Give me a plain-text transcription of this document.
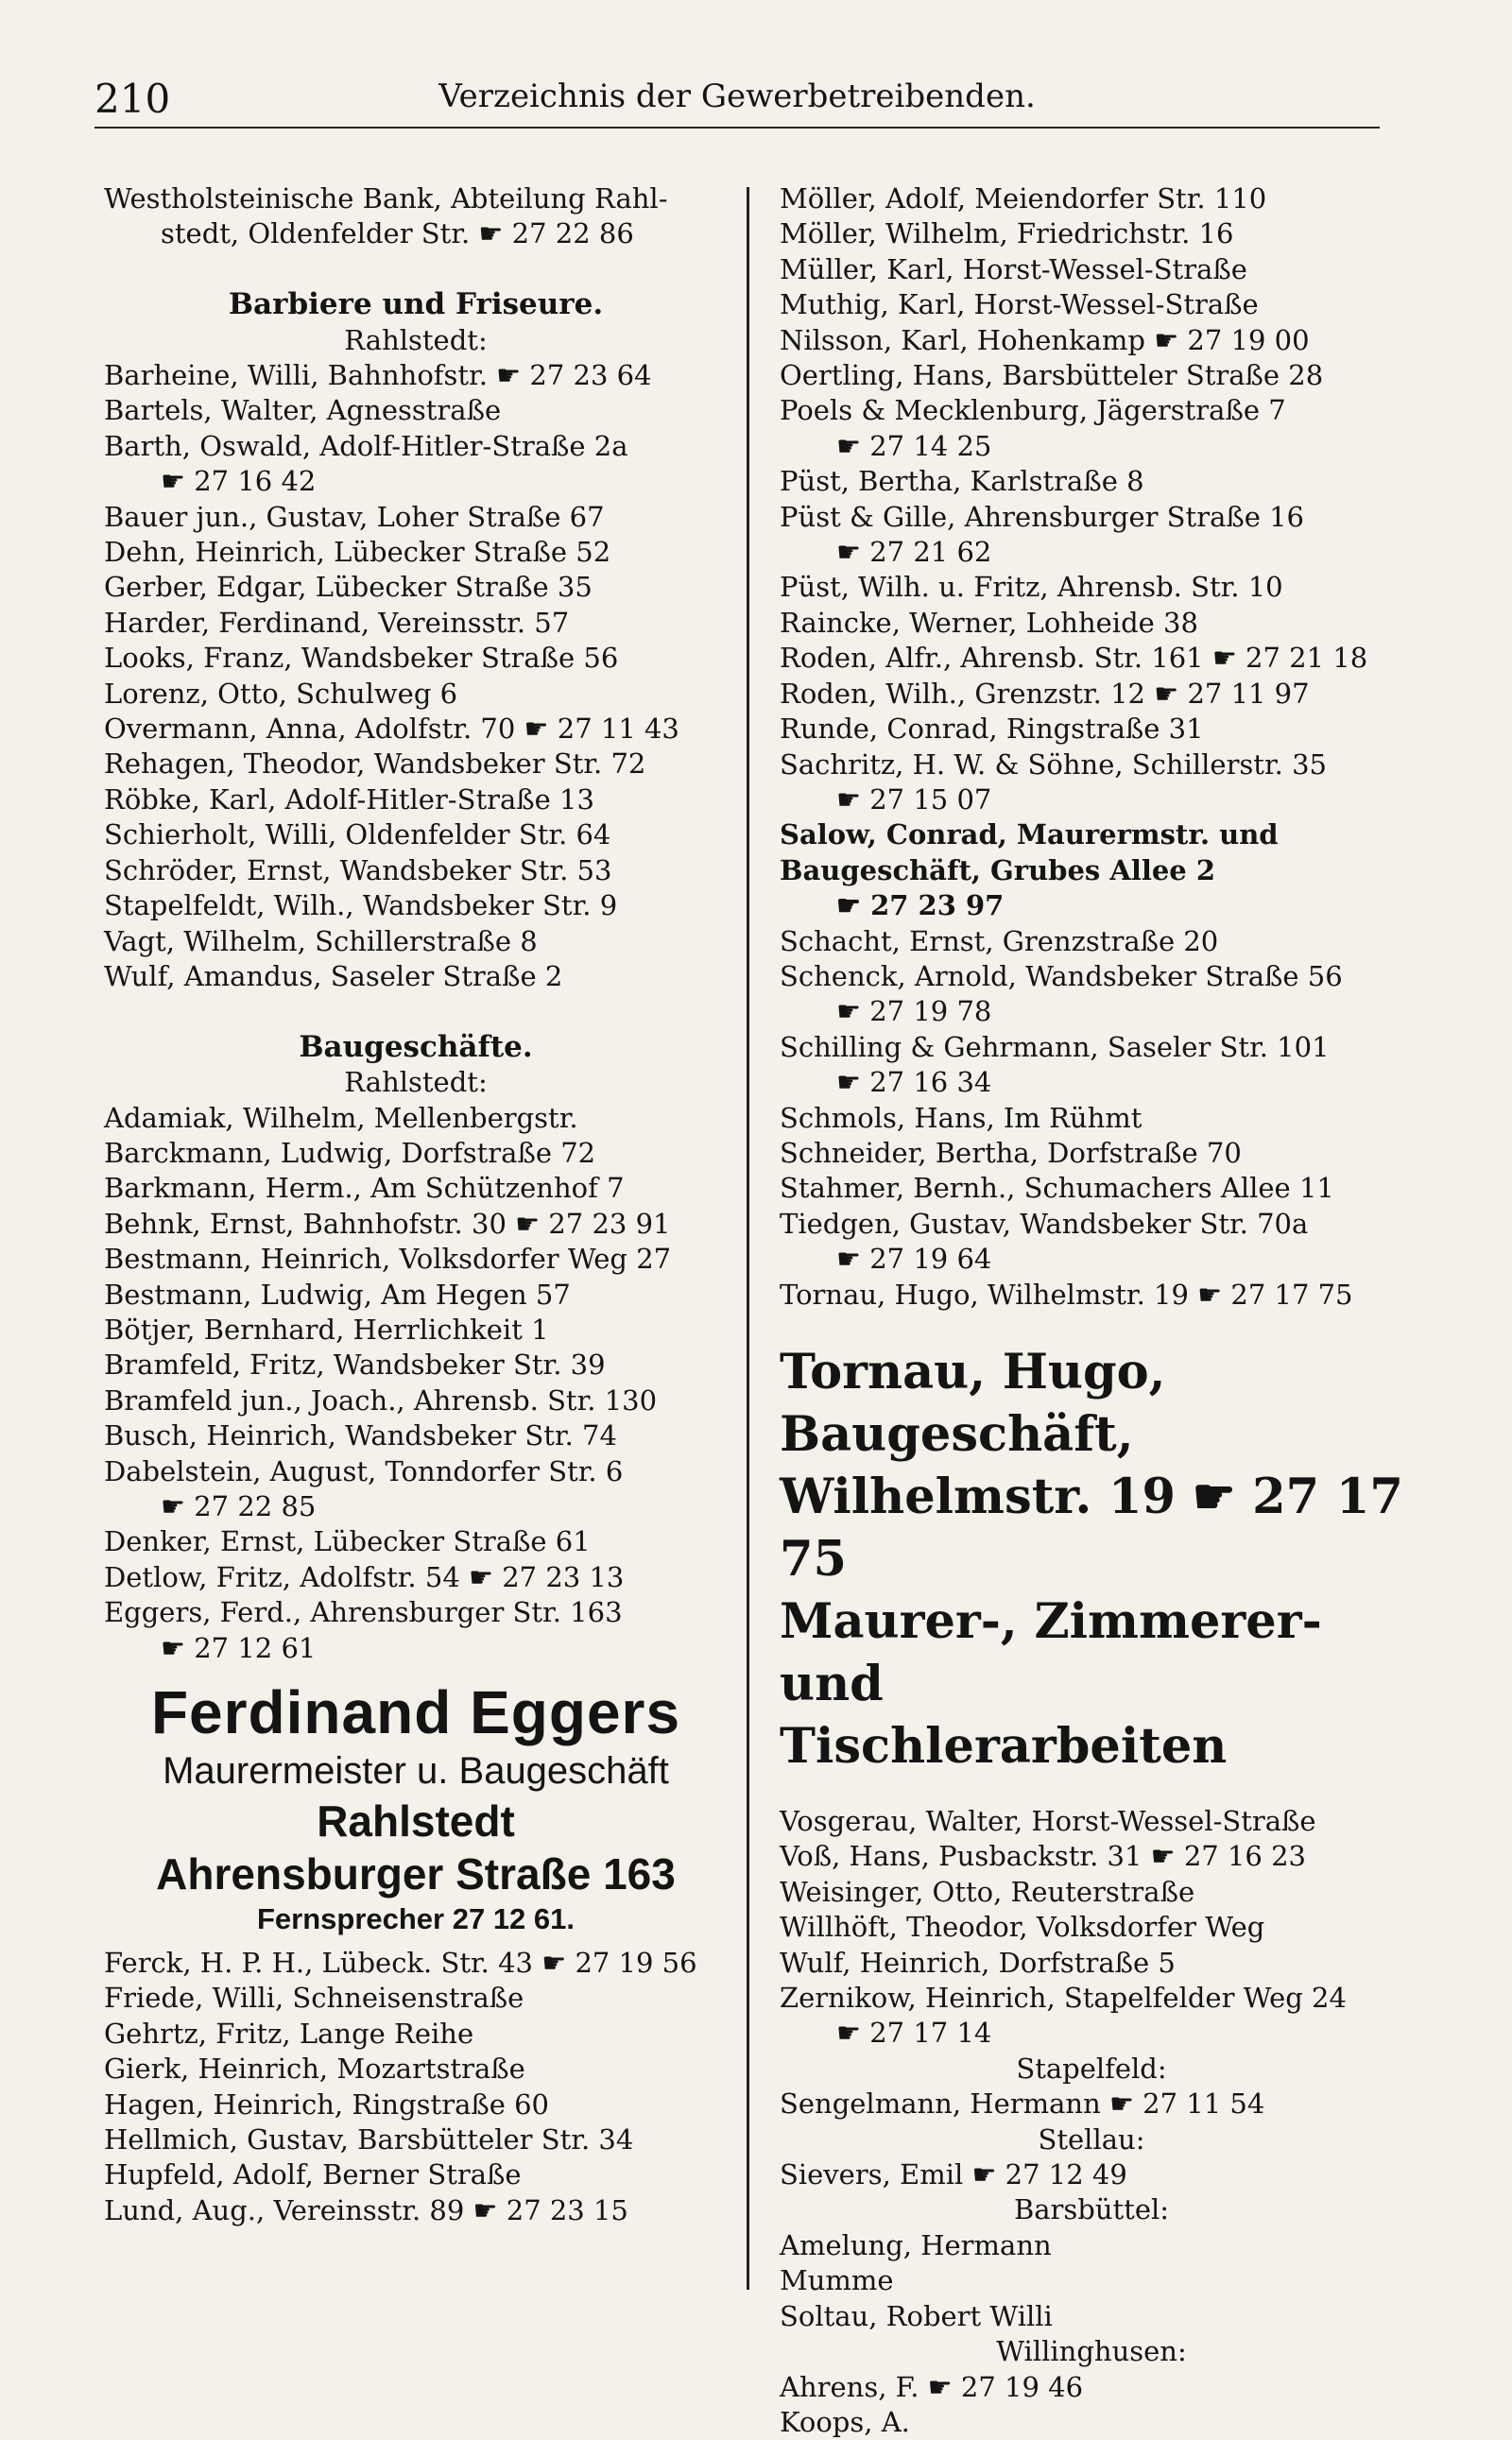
210	Verzeichnis der Gewerbetreibenden.
Westholsteinische Bank, Abteilung Rahl-
stedt, Oldenfelder Str. ☛ 27 22 86
Barbiere und Friseure.
Rahlstedt:
Barheine, Willi, Bahnhofstr. ☛ 27 23 64
Bartels, Walter, Agnesstraße
Barth, Oswald, Adolf-Hitler-Straße 2a
☛ 27 16 42
Bauer jun., Gustav, Loher Straße 67
Dehn, Heinrich, Lübecker Straße 52
Gerber, Edgar, Lübecker Straße 35
Harder, Ferdinand, Vereinsstr. 57
Looks, Franz, Wandsbeker Straße 56
Lorenz, Otto, Schulweg 6
Overmann, Anna, Adolfstr. 70 ☛ 27 11 43
Rehagen, Theodor, Wandsbeker Str. 72
Röbke, Karl, Adolf-Hitler-Straße 13
Schierholt, Willi, Oldenfelder Str. 64
Schröder, Ernst, Wandsbeker Str. 53
Stapelfeldt, Wilh., Wandsbeker Str. 9
Vagt, Wilhelm, Schillerstraße 8
Wulf, Amandus, Saseler Straße 2
Baugeschäfte.
Rahlstedt:
Adamiak, Wilhelm, Mellenbergstr.
Barckmann, Ludwig, Dorfstraße 72
Barkmann, Herm., Am Schützenhof 7
Behnk, Ernst, Bahnhofstr. 30 ☛ 27 23 91
Bestmann, Heinrich, Volksdorfer Weg 27
Bestmann, Ludwig, Am Hegen 57
Bötjer, Bernhard, Herrlichkeit 1
Bramfeld, Fritz, Wandsbeker Str. 39
Bramfeld jun., Joach., Ahrensb. Str. 130
Busch, Heinrich, Wandsbeker Str. 74
Dabelstein, August, Tonndorfer Str. 6
☛ 27 22 85
Denker, Ernst, Lübecker Straße 61
Detlow, Fritz, Adolfstr. 54 ☛ 27 23 13
Eggers, Ferd., Ahrensburger Str. 163
☛ 27 12 61
Ferdinand Eggers
Maurermeister u. Baugeschäft
Rahlstedt
Ahrensburger Straße 163
Fernsprecher 27 12 61.
Ferck, H. P. H., Lübeck. Str. 43 ☛ 27 19 56
Friede, Willi, Schneisenstraße
Gehrtz, Fritz, Lange Reihe
Gierk, Heinrich, Mozartstraße
Hagen, Heinrich, Ringstraße 60
Hellmich, Gustav, Barsbütteler Str. 34
Hupfeld, Adolf, Berner Straße
Lund, Aug., Vereinsstr. 89 ☛ 27 23 15
Möller, Adolf, Meiendorfer Str. 110
Möller, Wilhelm, Friedrichstr. 16
Müller, Karl, Horst-Wessel-Straße
Muthig, Karl, Horst-Wessel-Straße
Nilsson, Karl, Hohenkamp ☛ 27 19 00
Oertling, Hans, Barsbütteler Straße 28
Poels & Mecklenburg, Jägerstraße 7
☛ 27 14 25
Püst, Bertha, Karlstraße 8
Püst & Gille, Ahrensburger Straße 16
☛ 27 21 62
Püst, Wilh. u. Fritz, Ahrensb. Str. 10
Raincke, Werner, Lohheide 38
Roden, Alfr., Ahrensb. Str. 161 ☛ 27 21 18
Roden, Wilh., Grenzstr. 12 ☛ 27 11 97
Runde, Conrad, Ringstraße 31
Sachritz, H. W. & Söhne, Schillerstr. 35
☛ 27 15 07
Salow, Conrad, Maurermstr. und
Baugeschäft, Grubes Allee 2
☛ 27 23 97
Schacht, Ernst, Grenzstraße 20
Schenck, Arnold, Wandsbeker Straße 56
☛ 27 19 78
Schilling & Gehrmann, Saseler Str. 101
☛ 27 16 34
Schmols, Hans, Im Rühmt
Schneider, Bertha, Dorfstraße 70
Stahmer, Bernh., Schumachers Allee 11
Tiedgen, Gustav, Wandsbeker Str. 70a
☛ 27 19 64
Tornau, Hugo, Wilhelmstr. 19 ☛ 27 17 75
Tornau, Hugo, Baugeschäft,
Wilhelmstr. 19 ☛ 27 17 75
Maurer-, Zimmerer- und
Tischlerarbeiten
Vosgerau, Walter, Horst-Wessel-Straße
Voß, Hans, Pusbackstr. 31 ☛ 27 16 23
Weisinger, Otto, Reuterstraße
Willhöft, Theodor, Volksdorfer Weg
Wulf, Heinrich, Dorfstraße 5
Zernikow, Heinrich, Stapelfelder Weg 24
☛ 27 17 14
Stapelfeld:
Sengelmann, Hermann ☛ 27 11 54
Stellau:
Sievers, Emil ☛ 27 12 49
Barsbüttel:
Amelung, Hermann
Mumme
Soltau, Robert Willi
Willinghusen:
Ahrens, F. ☛ 27 19 46
Koops, A.
